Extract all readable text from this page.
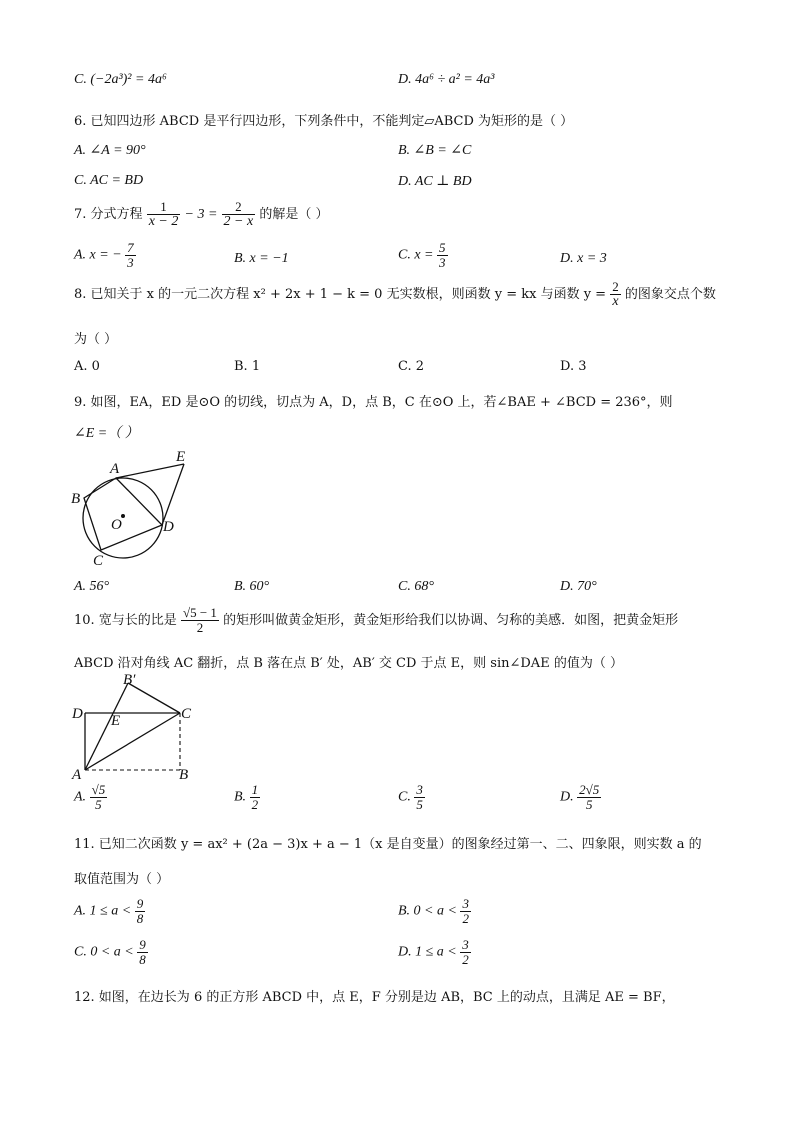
C. (−2a³)² = 4a⁶	D. 4a⁶ ÷ a² = 4a³
6. 已知四边形 ABCD 是平行四边形，下列条件中，不能判定▱ABCD 为矩形的是（ ）
A. ∠A = 90°	B. ∠B = ∠C
C. AC = BD	D. AC ⊥ BD
7. 分式方程 $\frac{1}{x - 2} - 3 = \frac{2}{2 - x}$ 的解是（ ）
A. x = − $\frac{7}{3}$	B. x = −1	C. $x = \frac{5}{3}$	D. x = 3
8. 已知关于 x 的一元二次方程 x² + 2x + 1 − k = 0 无实数根，则函数 y = kx 与函数 $y = \frac{2}{x}$ 的图象交点个数
为（ ）
A. 0	B. 1	C. 2	D. 3
9. 如图，EA，ED 是⊙O 的切线，切点为 A，D，点 B，C 在⊙O 上，若∠BAE + ∠BCD = 236°，则
∠E =（ ）
A
B
C
D
E
O
A. 56°	B. 60°	C. 68°	D. 70°
10. 宽与长的比是 $\frac{√5 - 1}{2}$ 的矩形叫做黄金矩形，黄金矩形给我们以协调、匀称的美感．如图，把黄金矩形
ABCD 沿对角线 AC 翻折，点 B 落在点 B′ 处，AB′ 交 CD 于点 E，则 sin∠DAE 的值为（ ）
D E	C
A	B
B′
A. $\frac{√5}{5}$	B. $\frac{1}{2}$	C. $\frac{3}{5}$	D. $\frac{2√5}{5}$
11. 已知二次函数 y = ax² + (2a − 3)x + a − 1（x 是自变量）的图象经过第一、二、四象限，则实数 a 的
取值范围为（ ）
A. $1 \le a < \frac{9}{8}$	B. $0 < a < \frac{3}{2}$
C. $0 < a < \frac{9}{8}$	D. $1 \le a < \frac{3}{2}$
12. 如图，在边长为 6 的正方形 ABCD 中，点 E，F 分别是边 AB，BC 上的动点，且满足 AE = BF，
